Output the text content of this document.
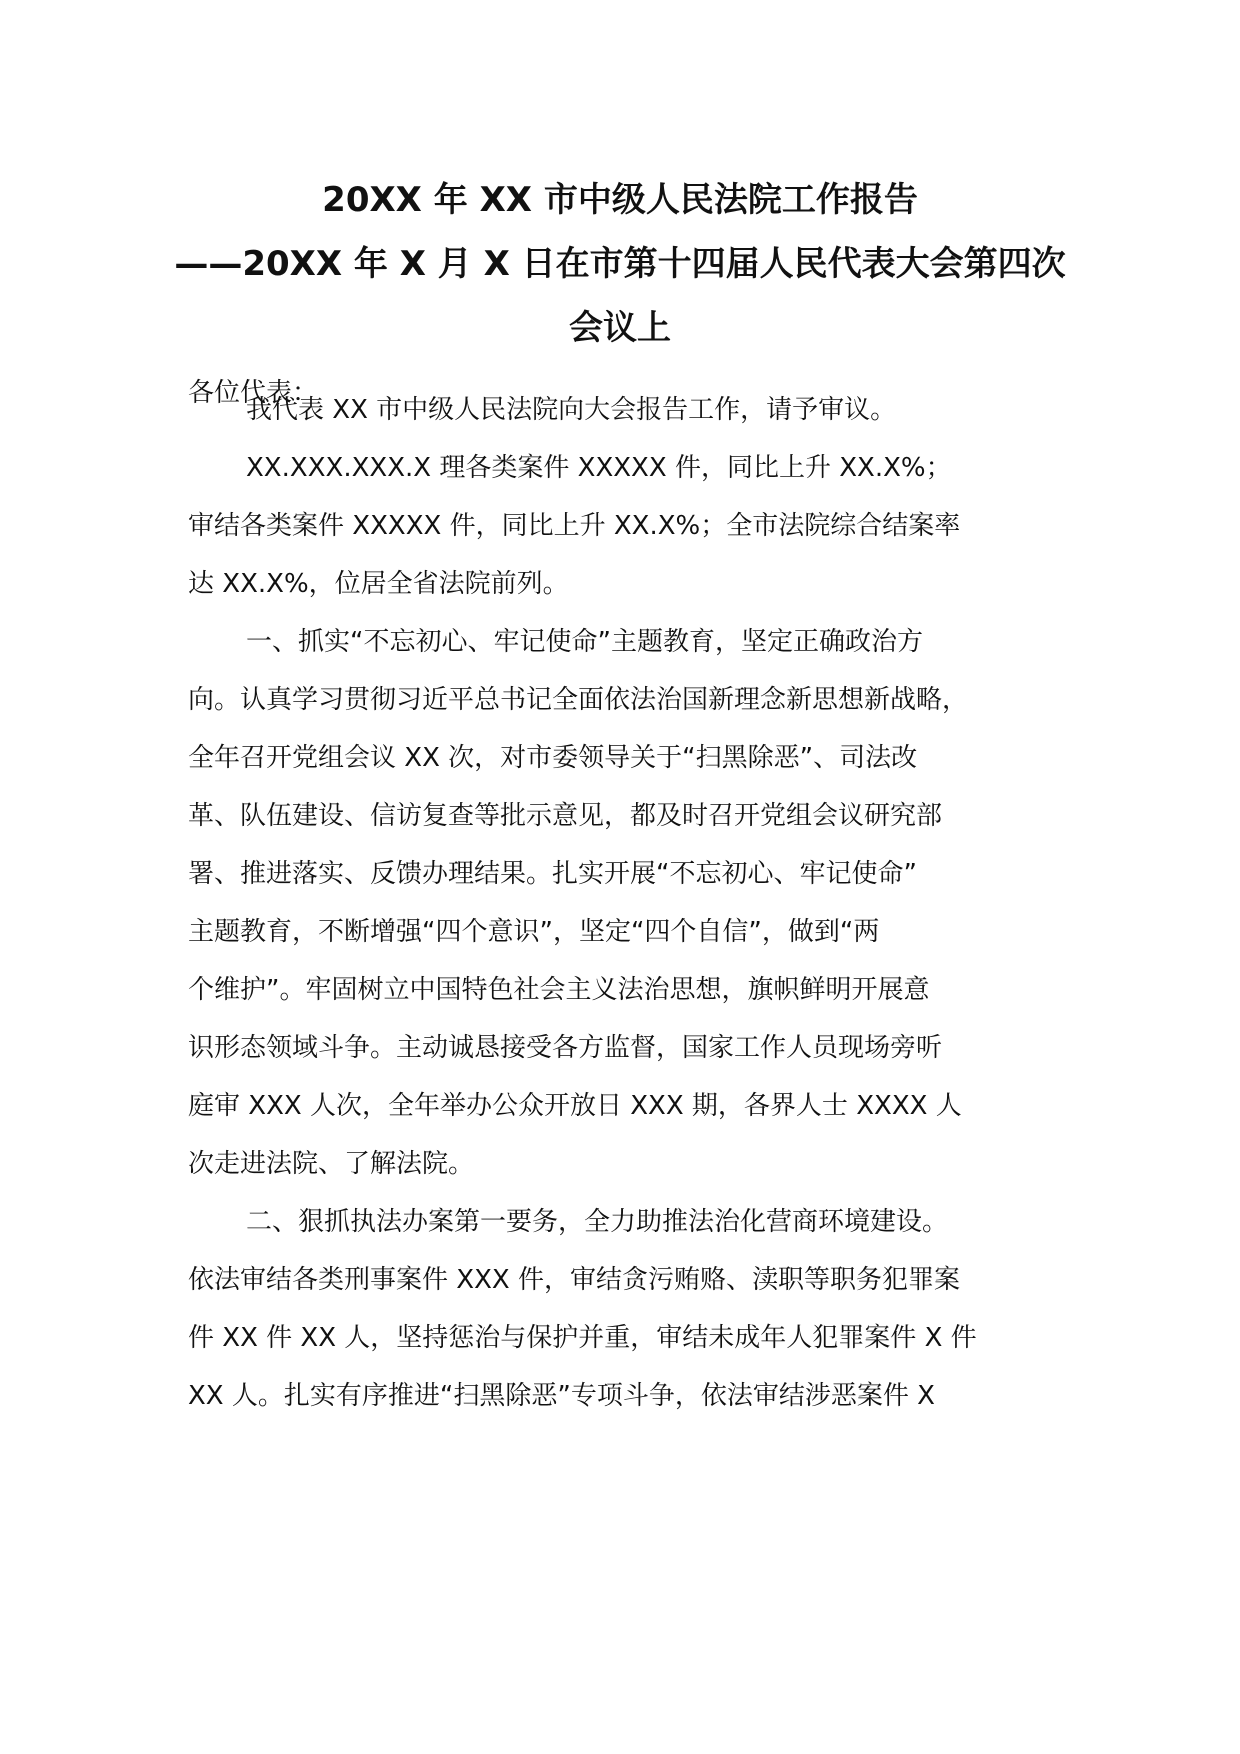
20XX 年 XX 市中级人民法院工作报告
——20XX 年 X 月 X 日在市第十四届人民代表大会第四次
会议上
各位代表：
我代表 XX 市中级人民法院向大会报告工作，请予审议。
XX.XXX.XXX.X 理各类案件 XXXXX 件，同比上升 XX.X%；
审结各类案件 XXXXX 件，同比上升 XX.X%；全市法院综合结案率
达 XX.X%，位居全省法院前列。
一、抓实“不忘初心、牢记使命”主题教育，坚定正确政治方
向。认真学习贯彻习近平总书记全面依法治国新理念新思想新战略，
全年召开党组会议 XX 次，对市委领导关于“扫黑除恶”、司法改
革、队伍建设、信访复查等批示意见，都及时召开党组会议研究部
署、推进落实、反馈办理结果。扎实开展“不忘初心、牢记使命”
主题教育，不断增强“四个意识”，坚定“四个自信”，做到“两
个维护”。牢固树立中国特色社会主义法治思想，旗帜鲜明开展意
识形态领域斗争。主动诚恳接受各方监督，国家工作人员现场旁听
庭审 XXX 人次，全年举办公众开放日 XXX 期，各界人士 XXXX 人
次走进法院、了解法院。
二、狠抓执法办案第一要务，全力助推法治化营商环境建设。
依法审结各类刑事案件 XXX 件，审结贪污贿赂、渎职等职务犯罪案
件 XX 件 XX 人，坚持惩治与保护并重，审结未成年人犯罪案件 X 件
XX 人。扎实有序推进“扫黑除恶”专项斗争，依法审结涉恶案件 X
